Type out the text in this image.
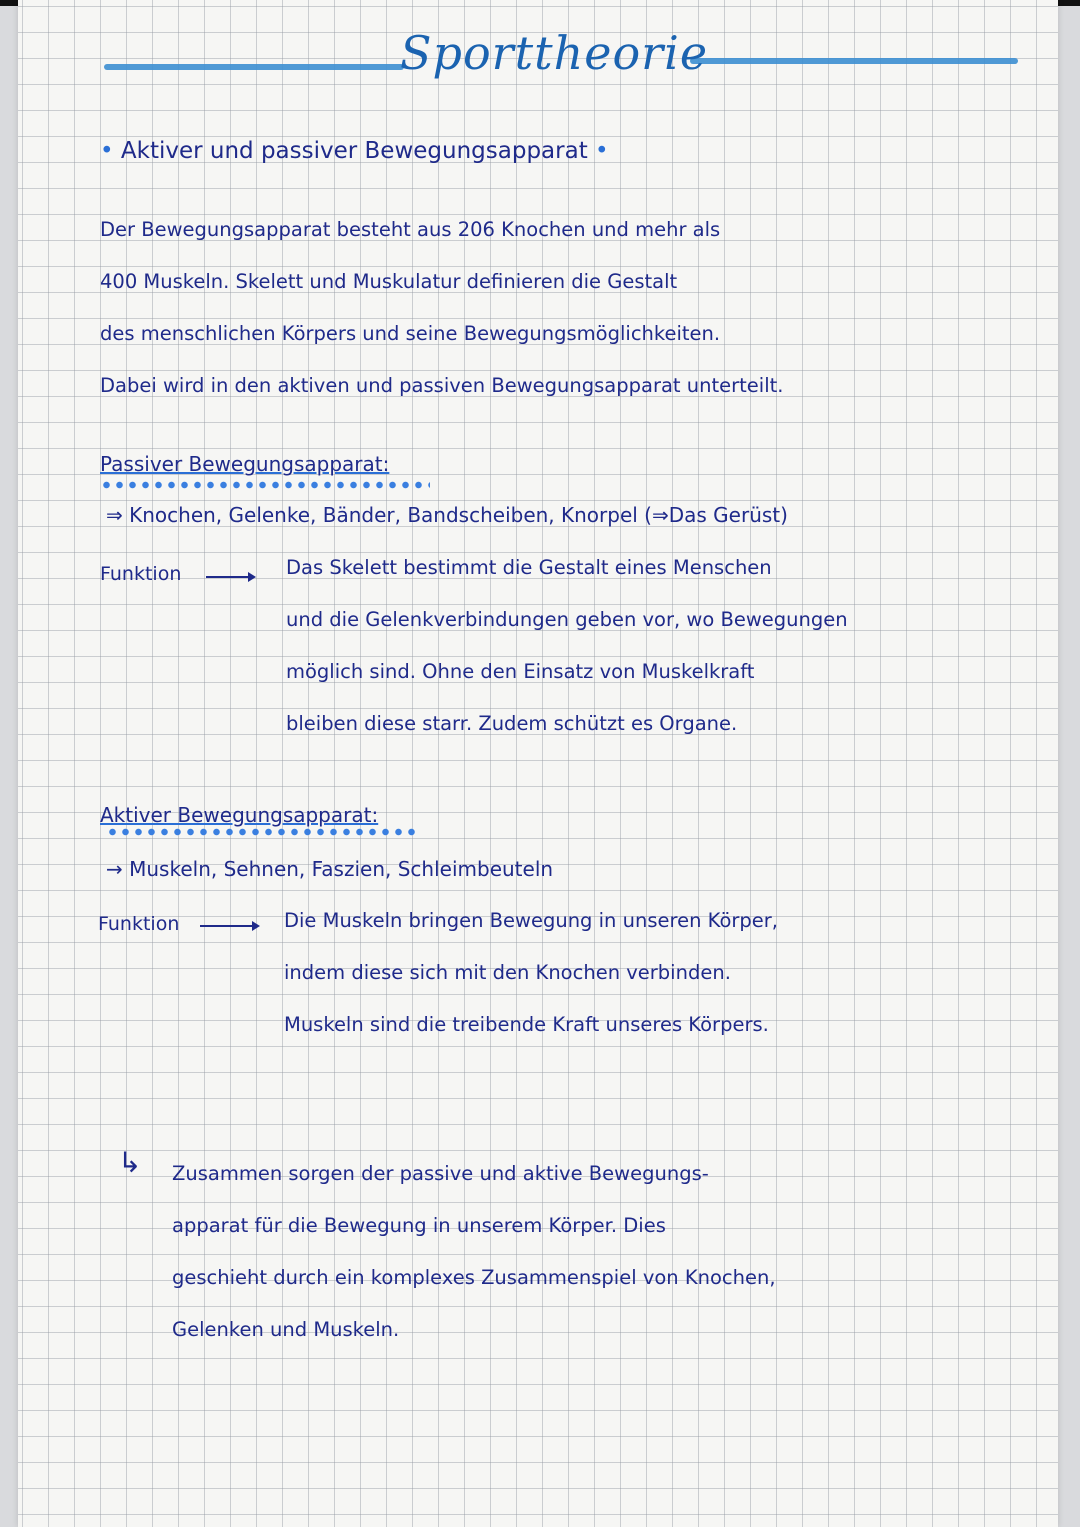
Sporttheorie
• Aktiver und passiver Bewegungsapparat •
Der Bewegungsapparat besteht aus 206 Knochen und mehr als
400 Muskeln. Skelett und Muskulatur definieren die Gestalt
des menschlichen Körpers und seine Bewegungsmöglichkeiten.
Dabei wird in den aktiven und passiven Bewegungsapparat unterteilt.
Passiver Bewegungsapparat:
⇒ Knochen, Gelenke, Bänder, Bandscheiben, Knorpel (⇒Das Gerüst)
Funktion	Das Skelett bestimmt die Gestalt eines Menschen
und die Gelenkverbindungen geben vor, wo Bewegungen
möglich sind. Ohne den Einsatz von Muskelkraft
bleiben diese starr. Zudem schützt es Organe.
Aktiver Bewegungsapparat:
→ Muskeln, Sehnen, Faszien, Schleimbeuteln
Funktion	Die Muskeln bringen Bewegung in unseren Körper,
indem diese sich mit den Knochen verbinden.
Muskeln sind die treibende Kraft unseres Körpers.
↳ Zusammen sorgen der passive und aktive Bewegungs-
apparat für die Bewegung in unserem Körper. Dies
geschieht durch ein komplexes Zusammenspiel von Knochen,
Gelenken und Muskeln.
